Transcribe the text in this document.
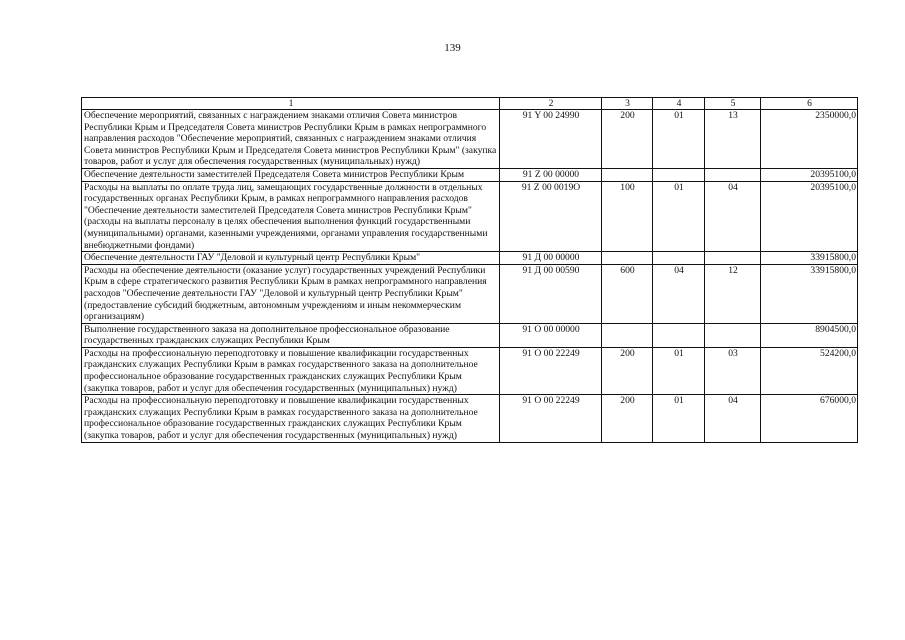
139
1	2	3	4	5	6
Обеспечение мероприятий, связанных с награждением знаками отличия Совета министров Республики Крым и Председателя Совета министров Республики Крым в рамках непрограммного направления расходов "Обеспечение мероприятий, связанных с награждением знаками отличия Совета министров Республики Крым и Председателя Совета министров Республики Крым" (закупка товаров, работ и услуг для обеспечения государственных (муниципальных) нужд)	91 Y 00 24990	200	01	13	2350000,0
Обеспечение деятельности заместителей Председателя Совета министров Республики Крым	91 Z 00 00000				20395100,0
Расходы на выплаты по оплате труда лиц, замещающих государственные должности в отдельных государственных органах Республики Крым, в рамках непрограммного направления расходов "Обеспечение деятельности заместителей Председателя Совета министров Республики Крым" (расходы на выплаты персоналу в целях обеспечения выполнения функций государственными (муниципальными) органами, казенными учреждениями, органами управления государственными внебюджетными фондами)	91 Z 00 0019O	100	01	04	20395100,0
Обеспечение деятельности ГАУ "Деловой и культурный центр Республики Крым"	91 Д 00 00000				33915800,0
Расходы на обеспечение деятельности (оказание услуг) государственных учреждений Республики Крым в сфере стратегического развития Республики Крым в рамках непрограммного направления расходов "Обеспечение деятельности ГАУ "Деловой и культурный центр Республики Крым" (предоставление субсидий бюджетным, автономным учреждениям и иным некоммерческим организациям)	91 Д 00 00590	600	04	12	33915800,0
Выполнение государственного заказа на дополнительное профессиональное образование государственных гражданских служащих Республики Крым	91 О 00 00000				8904500,0
Расходы на профессиональную переподготовку и повышение квалификации государственных гражданских служащих Республики Крым в рамках государственного заказа на дополнительное профессиональное образование государственных гражданских служащих Республики Крым (закупка товаров, работ и услуг для обеспечения государственных (муниципальных) нужд)	91 О 00 22249	200	01	03	524200,0
Расходы на профессиональную переподготовку и повышение квалификации государственных гражданских служащих Республики Крым в рамках государственного заказа на дополнительное профессиональное образование государственных гражданских служащих Республики Крым (закупка товаров, работ и услуг для обеспечения государственных (муниципальных) нужд)	91 О 00 22249	200	01	04	676000,0
